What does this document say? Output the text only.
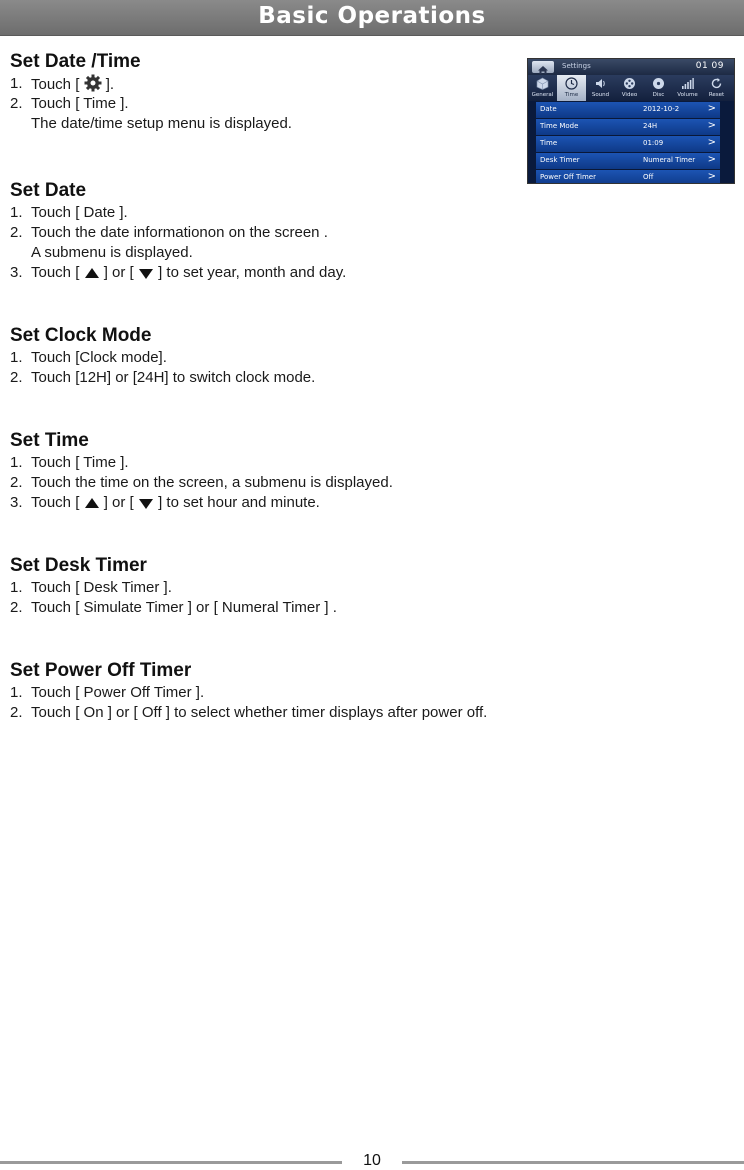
Basic Operations
Set Date /Time
1. Touch [ ].
2. Touch [ Time ].
The date/time setup menu is displayed.
Settings	01 09
General	Time	Sound	Video	Disc	Volume	Reset
Date	2012-10-2	>
Time Mode	24H	>
Time	01:09	>
Desk Timer	Numeral Timer >
Power Off Timer	Off	>
Set Date
1. Touch [ Date ].
2. Touch the date informationon on the screen .
A submenu is displayed.
3. Touch [ ] or [ ] to set year, month and day.
Set Clock Mode
1. Touch [Clock mode].
2. Touch [12H] or [24H] to switch clock mode.
Set Time
1. Touch [ Time ].
2. Touch the time on the screen, a submenu is displayed.
3. Touch [ ] or [ ] to set hour and minute.
Set Desk Timer
1. Touch [ Desk Timer ].
2. Touch [ Simulate Timer ] or [ Numeral Timer ] .
Set Power Off Timer
1. Touch [ Power Off Timer ].
2. Touch [ On ] or [ Off ] to select whether timer displays after power off.
10
